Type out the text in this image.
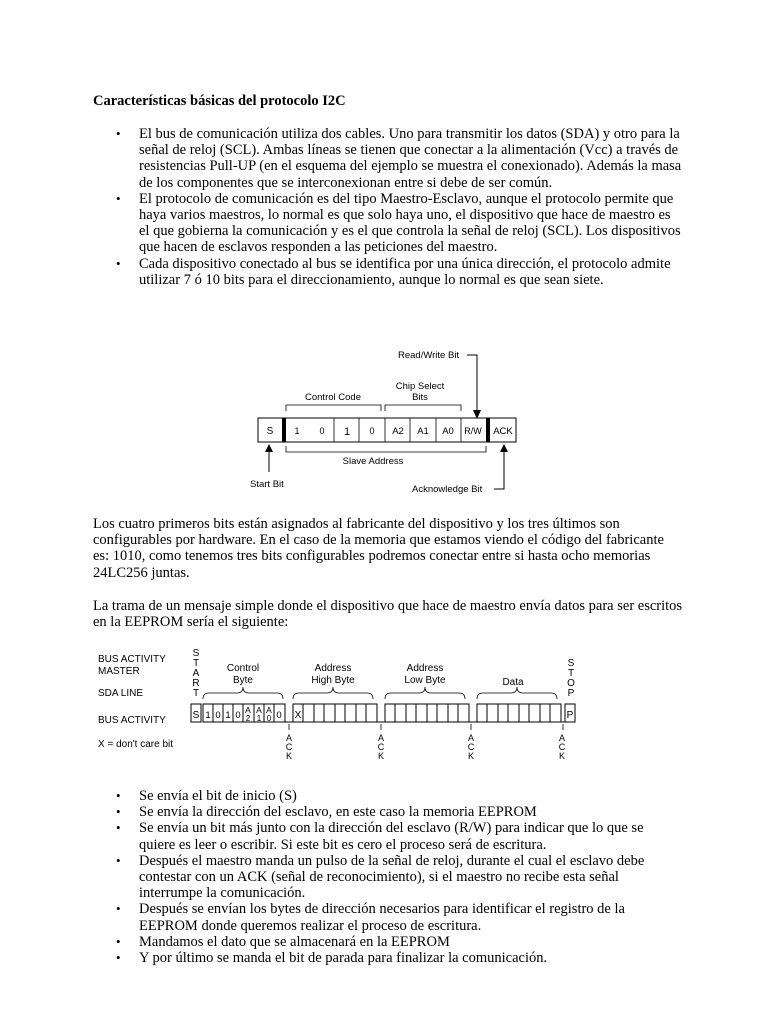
Características básicas del protocolo I2C
• El bus de comunicación utiliza dos cables. Uno para transmitir los datos (SDA) y otro para la señal de reloj (SCL). Ambas líneas se tienen que conectar a la alimentación (Vcc) a través de resistencias Pull-UP (en el esquema del ejemplo se muestra el conexionado). Además la masa de los componentes que se interconexionan entre si debe de ser común.
• El protocolo de comunicación es del tipo Maestro-Esclavo, aunque el protocolo permite que haya varios maestros, lo normal es que solo haya uno, el dispositivo que hace de maestro es el que gobierna la comunicación y es el que controla la señal de reloj (SCL). Los dispositivos que hacen de esclavos responden a las peticiones del maestro.
• Cada dispositivo conectado al bus se identifica por una única dirección, el protocolo admite utilizar 7 ó 10 bits para el direccionamiento, aunque lo normal es que sean siete.
Read/Write Bit
Chip Select
Bits
Control Code
S 1 0 1 0 A2 A1 A0 R/W ACK
Slave Address
Start Bit	Acknowledge Bit

Los cuatro primeros bits están asignados al fabricante del dispositivo y los tres últimos son configurables por hardware. En el caso de la memoria que estamos viendo el código del fabricante es: 1010, como tenemos tres bits configurables podremos conectar entre si hasta ocho memorias 24LC256 juntas.

La trama de un mensaje simple donde el dispositivo que hace de maestro envía datos para ser escritos en la EEPROM sería el siguiente:

BUS ACTIVITY
MASTER
SDA LINE
BUS ACTIVITY
X = don't care bit
S
T
A
R
T
S
T
O
P
Control
Byte
Address
High Byte
Address
Low Byte	Data
S 1 0 1 0 A
2
A
1
A
0 0 X	P
A
C
K
A
C
K
A
C
K
A
C
K
• Se envía el bit de inicio (S)
• Se envía la dirección del esclavo, en este caso la memoria EEPROM
• Se envía un bit más junto con la dirección del esclavo (R/W) para indicar que lo que se quiere es leer o escribir. Si este bit es cero el proceso será de escritura.
• Después el maestro manda un pulso de la señal de reloj, durante el cual el esclavo debe contestar con un ACK (señal de reconocimiento), si el maestro no recibe esta señal interrumpe la comunicación.
• Después se envían los bytes de dirección necesarios para identificar el registro de la EEPROM donde queremos realizar el proceso de escritura.
• Mandamos el dato que se almacenará en la EEPROM
• Y por último se manda el bit de parada para finalizar la comunicación.
